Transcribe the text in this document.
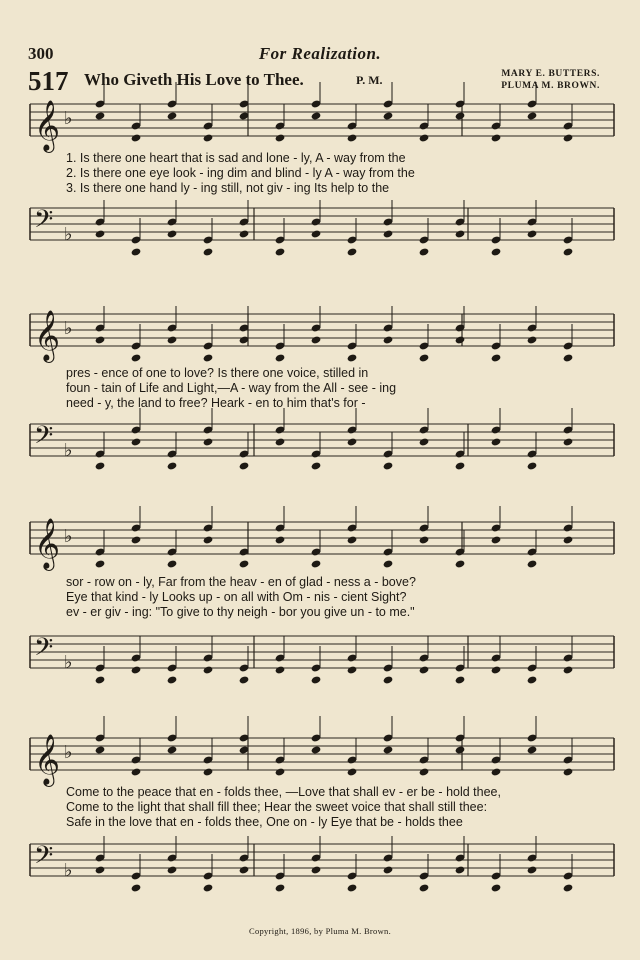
300	For Realization.
517 Who Giveth His Love to Thee.	P. M.	MARY E. BUTTERS.
PLUMA M. BROWN.
𝄞 ♭
1. Is there one heart that is sad and lone - ly, A - way from the
2. Is there one eye look - ing dim and blind - ly A - way from the
3. Is there one hand ly - ing still, not giv - ing Its help to the
𝄢 ♭
𝄞 ♭
pres - ence of one to love? Is there one voice, stilled in
foun - tain of Life and Light,—A - way from the All - see - ing
need - y, the land to free? Heark - en to him that's for -
𝄢 ♭
𝄞 ♭
sor - row on - ly, Far from the heav - en of glad - ness a - bove?
Eye that kind - ly Looks up - on all with Om - nis - cient Sight?
ev - er giv - ing: "To give to thy neigh - bor you give un - to me."
𝄢 ♭
𝄞 ♭
Come to the peace that en - folds thee, —Love that shall ev - er be - hold thee,
Come to the light that shall fill thee; Hear the sweet voice that shall still thee:
Safe in the love that en - folds thee, One on - ly Eye that be - holds thee
𝄢 ♭
Copyright, 1896, by Pluma M. Brown.
